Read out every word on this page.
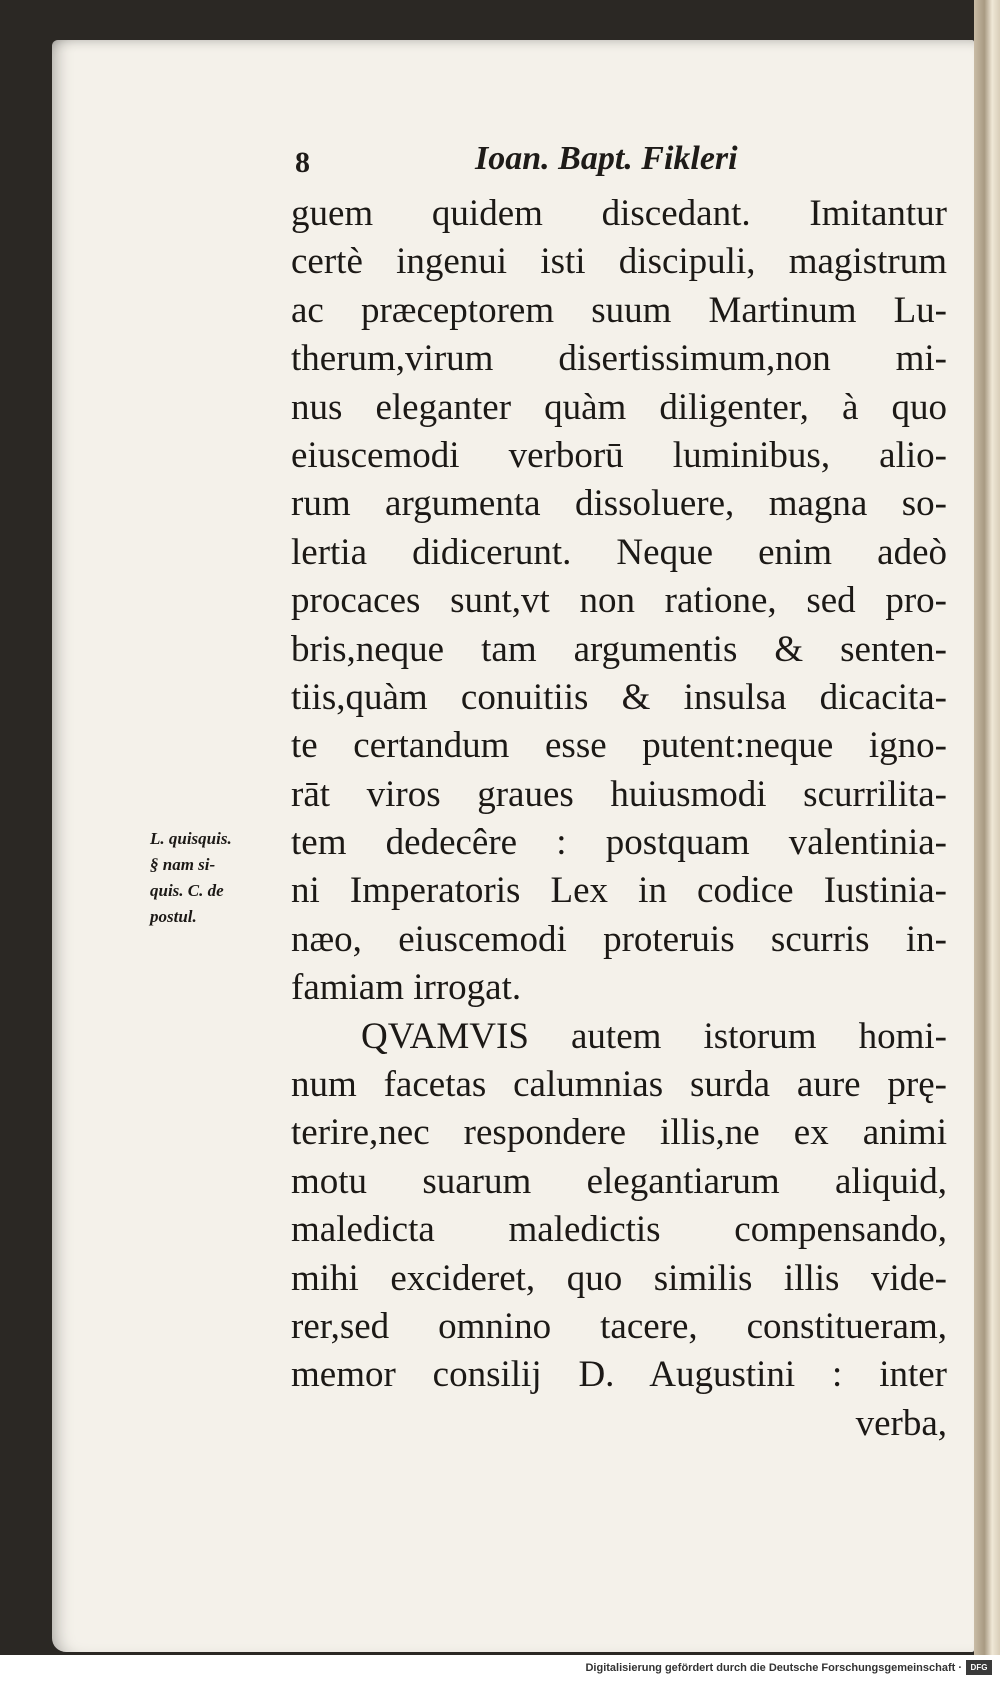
8	Ioan. Bapt. Fikleri
L. quisquis.
§ nam si-
quis. C. de
postul.
guem quidem discedant. Imitantur
certè ingenui isti discipuli, magistrum
ac præceptorem suum Martinum Lu-
therum,virum disertissimum,non mi-
nus eleganter quàm diligenter, à quo
eiuscemodi verborū luminibus, alio-
rum argumenta dissoluere, magna so-
lertia didicerunt. Neque enim adeò
procaces sunt,vt non ratione, sed pro-
bris,neque tam argumentis & senten-
tiis,quàm conuitiis & insulsa dicacita-
te certandum esse putent:neque igno-
rāt viros graues huiusmodi scurrilita-
tem dedecêre : postquam valentinia-
ni Imperatoris Lex in codice Iustinia-
næo, eiuscemodi proteruis scurris in-
famiam irrogat.
QVAMVIS autem istorum homi-
num facetas calumnias surda aure prę-
terire,nec respondere illis,ne ex animi
motu suarum elegantiarum aliquid,
maledicta maledictis compensando,
mihi excideret, quo similis illis vide-
rer,sed omnino tacere, constitueram,
memor consilij D. Augustini : inter
verba,
Digitalisierung gefördert durch die Deutsche Forschungsgemeinschaft ·	DFG
